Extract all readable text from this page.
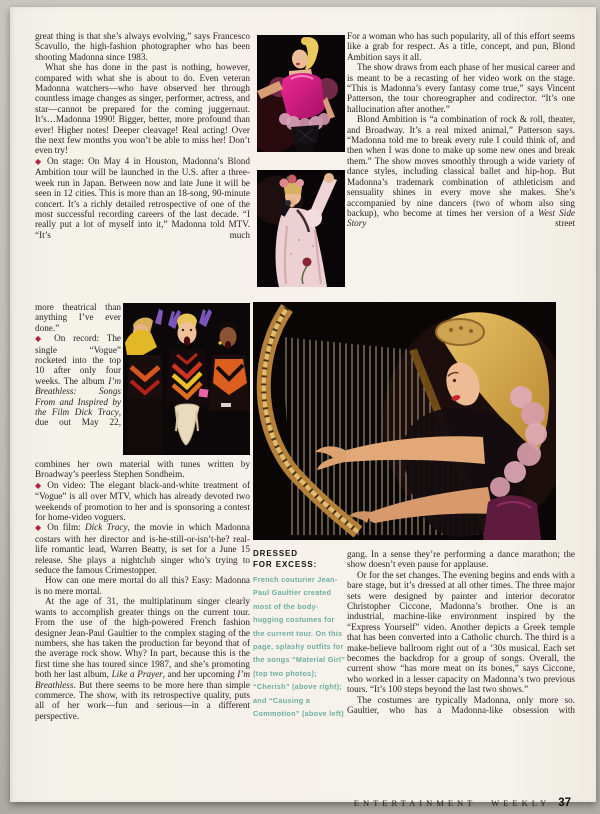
great thing is that she’s always evolving,” says Francesco Scavullo, the high-fashion photographer who has been shooting Madonna since 1983.

What she has done in the past is nothing, however, compared with what she is about to do. Even veteran Madonna watchers—who have observed her through countless image changes as singer, performer, actress, and star—cannot be prepared for the coming juggernaut. It’s…Madonna 1990! Bigger, better, more profound than ever! Higher notes! Deeper cleavage! Real acting! Over the next few months you won’t be able to miss her! Don’t even try!

◆ On stage: On May 4 in Houston, Madonna’s Blond Ambition tour will be launched in the U.S. after a three-week run in Japan. Between now and late June it will be seen in 12 cities. This is more than an 18-song, 90-minute concert. It’s a richly detailed retrospective of one of the most successful recording careers of the last decade. “I really put a lot of myself into it,” Madonna told MTV. “It’s much

more theatrical than anything I’ve ever done.”

◆ On record: The single “Vogue” rocketed into the top 10 after only four weeks. The album I’m Breathless: Songs From and Inspired by the Film Dick Tracy, due out May 22,

combines her own material with tunes written by Broadway’s peerless Stephen Sondheim.

◆ On video: The elegant black-and-white treatment of “Vogue” is all over MTV, which has already devoted two weekends of promotion to her and is sponsoring a contest for home-video voguers.

◆ On film: Dick Tracy, the movie in which Madonna costars with her director and is-he-still-or-isn’t-he? real-life romantic lead, Warren Beatty, is set for a June 15 release. She plays a nightclub singer who’s trying to seduce the famous Crimestopper.

How can one mere mortal do all this? Easy: Madonna is no mere mortal.

At the age of 31, the multiplatinum singer clearly wants to accomplish greater things on the current tour. From the use of the high-powered French fashion designer Jean-Paul Gaultier to the complex staging of the numbers, she has taken the production far beyond that of the average rock show. Why? In part, because this is the first time she has toured since 1987, and she’s promoting both her last album, Like a Prayer, and her upcoming I’m Breathless. But there seems to be more here than simple commerce. The show, with its retrospective quality, puts all of her work—fun and serious—in a different perspective.

For a woman who has such popularity, all of this effort seems like a grab for respect. As a title, concept, and pun, Blond Ambition says it all.

The show draws from each phase of her musical career and is meant to be a recasting of her video work on the stage. “This is Madonna’s every fantasy come true,” says Vincent Patterson, the tour choreographer and codirector. “It’s one hallucination after another.”

Blond Ambition is “a combination of rock & roll, theater, and Broadway. It’s a real mixed animal,” Patterson says. “Madonna told me to break every rule I could think of, and then when I was done to make up some new ones and break them.” The show moves smoothly through a wide variety of dance styles, including classical ballet and hip-hop. But Madonna’s trademark combination of athleticism and sensuality shines in every move she makes. She’s accompanied by nine dancers (two of whom also sing backup), who become at times her version of a West Side Story street

gang. In a sense they’re performing a dance marathon; the show doesn’t even pause for applause.

Or for the set changes. The evening begins and ends with a bare stage, but it’s dressed at all other times. The three major sets were designed by painter and interior decorator Christopher Ciccone, Madonna’s brother. One is an industrial, machine-like environment inspired by the “Express Yourself” video. Another depicts a Greek temple that has been converted into a Catholic church. The third is a make-believe ballroom right out of a ’30s musical. Each set becomes the backdrop for a group of songs. Overall, the current show “has more meat on its bones,” says Ciccone, who worked in a lesser capacity on Madonna’s two previous tours. “It’s 100 steps beyond the last two shows.”

The costumes are typically Madonna, only more so. Gaultier, who has a Madonna-like obsession with

DRESSED
FOR EXCESS:
French couturier Jean-Paul Gaultier created most of the body-hugging costumes for the current tour. On this page, splashy outfits for the songs “Material Girl” (top two photos); “Cherish” (above right); and “Causing a Commotion” (above left)
ENTERTAINMENT WEEKLY 37
